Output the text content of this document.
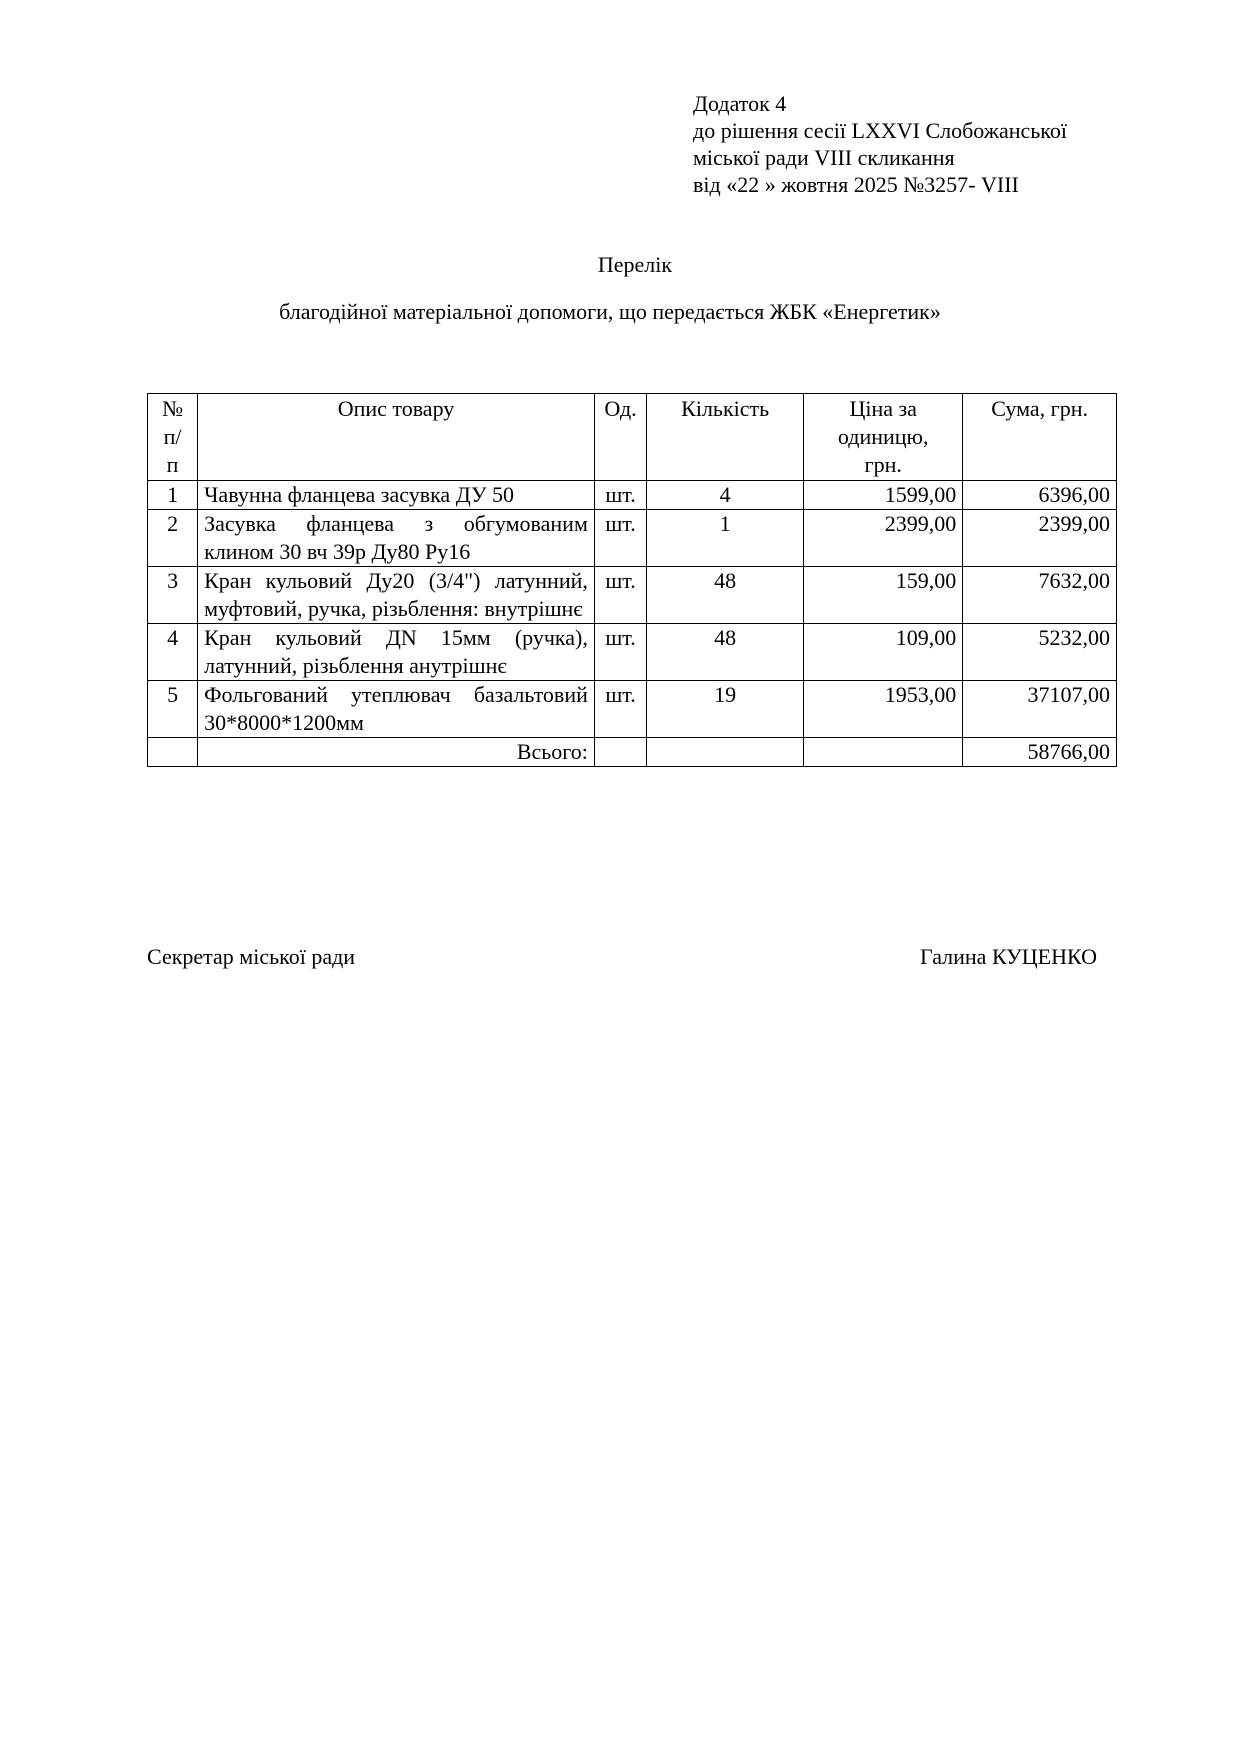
Додаток 4
до рішення сесії LXXVI Слобожанської
міської ради VIII скликання
від «22 » жовтня 2025 №3257- VIII
Перелік
благодійної матеріальної допомоги, що передається ЖБК «Енергетик»
№ п/п	Опис товару	Од.	Кількість	Ціна за одиницю, грн.	Сума, грн.
1	Чавунна фланцева засувка ДУ 50	шт.	4	1599,00	6396,00
2	Засувка фланцева з обгумованим клином 30 вч 39р Ду80 Ру16	шт.	1	2399,00	2399,00
3	Кран кульовий Ду20 (3/4") латунний, муфтовий, ручка, різьблення: внутрішнє	шт.	48	159,00	7632,00
4	Кран кульовий ДN 15мм (ручка), латунний, різьблення анутрішнє	шт.	48	109,00	5232,00
5	Фольгований утеплювач базальтовий 30*8000*1200мм	шт.	19	1953,00	37107,00
	Всього:				58766,00
Секретар міської ради	Галина КУЦЕНКО
